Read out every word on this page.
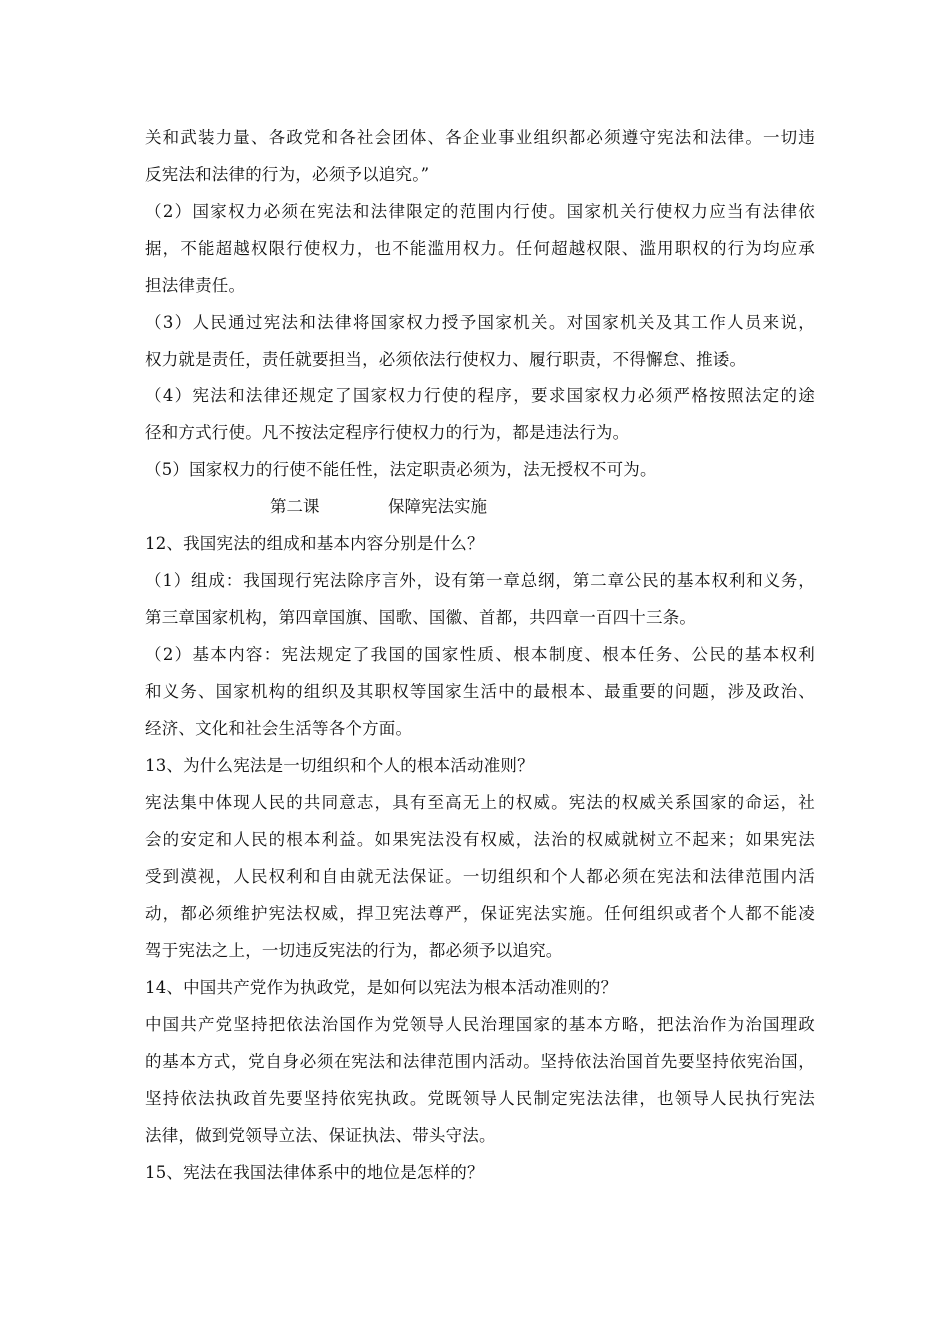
关和武装力量、各政党和各社会团体、各企业事业组织都必须遵守宪法和法律。一切违
反宪法和法律的行为，必须予以追究。”
（2）国家权力必须在宪法和法律限定的范围内行使。国家机关行使权力应当有法律依
据，不能超越权限行使权力，也不能滥用权力。任何超越权限、滥用职权的行为均应承
担法律责任。
（3）人民通过宪法和法律将国家权力授予国家机关。对国家机关及其工作人员来说，
权力就是责任，责任就要担当，必须依法行使权力、履行职责，不得懈怠、推诿。
（4）宪法和法律还规定了国家权力行使的程序，要求国家权力必须严格按照法定的途
径和方式行使。凡不按法定程序行使权力的行为，都是违法行为。
（5）国家权力的行使不能任性，法定职责必须为，法无授权不可为。
第二课	保障宪法实施
12、我国宪法的组成和基本内容分别是什么？
（1）组成：我国现行宪法除序言外，设有第一章总纲，第二章公民的基本权利和义务，
第三章国家机构，第四章国旗、国歌、国徽、首都，共四章一百四十三条。
（2）基本内容：宪法规定了我国的国家性质、根本制度、根本任务、公民的基本权利
和义务、国家机构的组织及其职权等国家生活中的最根本、最重要的问题，涉及政治、
经济、文化和社会生活等各个方面。
13、为什么宪法是一切组织和个人的根本活动准则？
宪法集中体现人民的共同意志，具有至高无上的权威。宪法的权威关系国家的命运，社
会的安定和人民的根本利益。如果宪法没有权威，法治的权威就树立不起来；如果宪法
受到漠视，人民权利和自由就无法保证。一切组织和个人都必须在宪法和法律范围内活
动，都必须维护宪法权威，捍卫宪法尊严，保证宪法实施。任何组织或者个人都不能凌
驾于宪法之上，一切违反宪法的行为，都必须予以追究。
14、中国共产党作为执政党，是如何以宪法为根本活动准则的？
中国共产党坚持把依法治国作为党领导人民治理国家的基本方略，把法治作为治国理政
的基本方式，党自身必须在宪法和法律范围内活动。坚持依法治国首先要坚持依宪治国，
坚持依法执政首先要坚持依宪执政。党既领导人民制定宪法法律，也领导人民执行宪法
法律，做到党领导立法、保证执法、带头守法。
15、宪法在我国法律体系中的地位是怎样的？
